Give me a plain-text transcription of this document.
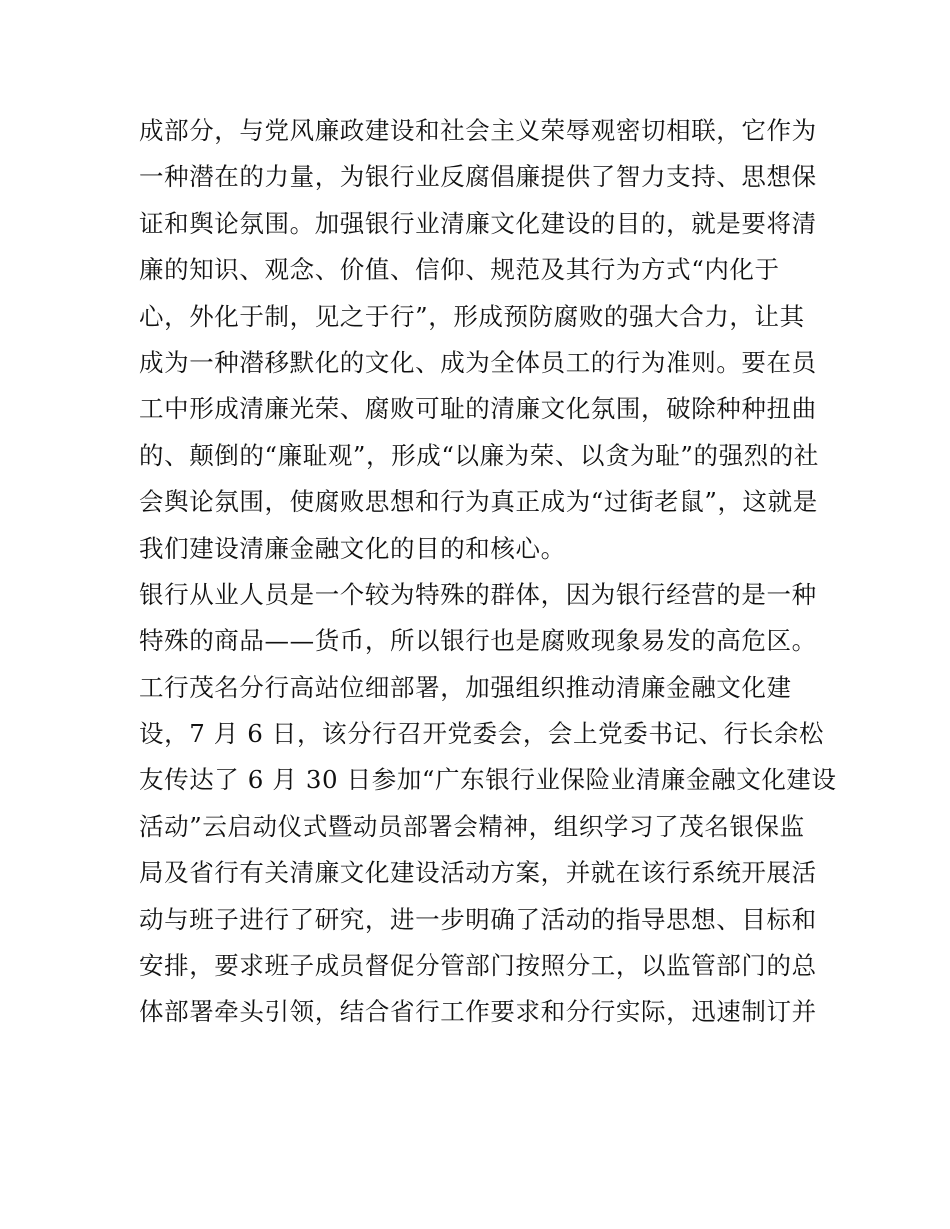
成部分，与党风廉政建设和社会主义荣辱观密切相联，它作为
一种潜在的力量，为银行业反腐倡廉提供了智力支持、思想保
证和舆论氛围。加强银行业清廉文化建设的目的，就是要将清
廉的知识、观念、价值、信仰、规范及其行为方式“内化于
心，外化于制，见之于行”，形成预防腐败的强大合力，让其
成为一种潜移默化的文化、成为全体员工的行为准则。要在员
工中形成清廉光荣、腐败可耻的清廉文化氛围，破除种种扭曲
的、颠倒的“廉耻观”，形成“以廉为荣、以贪为耻”的强烈的社
会舆论氛围，使腐败思想和行为真正成为“过街老鼠”，这就是
我们建设清廉金融文化的目的和核心。
银行从业人员是一个较为特殊的群体，因为银行经营的是一种
特殊的商品——货币，所以银行也是腐败现象易发的高危区。
工行茂名分行高站位细部署，加强组织推动清廉金融文化建
设，7 月 6 日，该分行召开党委会，会上党委书记、行长余松
友传达了 6 月 30 日参加“广东银行业保险业清廉金融文化建设
活动”云启动仪式暨动员部署会精神，组织学习了茂名银保监
局及省行有关清廉文化建设活动方案，并就在该行系统开展活
动与班子进行了研究，进一步明确了活动的指导思想、目标和
安排，要求班子成员督促分管部门按照分工，以监管部门的总
体部署牵头引领，结合省行工作要求和分行实际，迅速制订并
